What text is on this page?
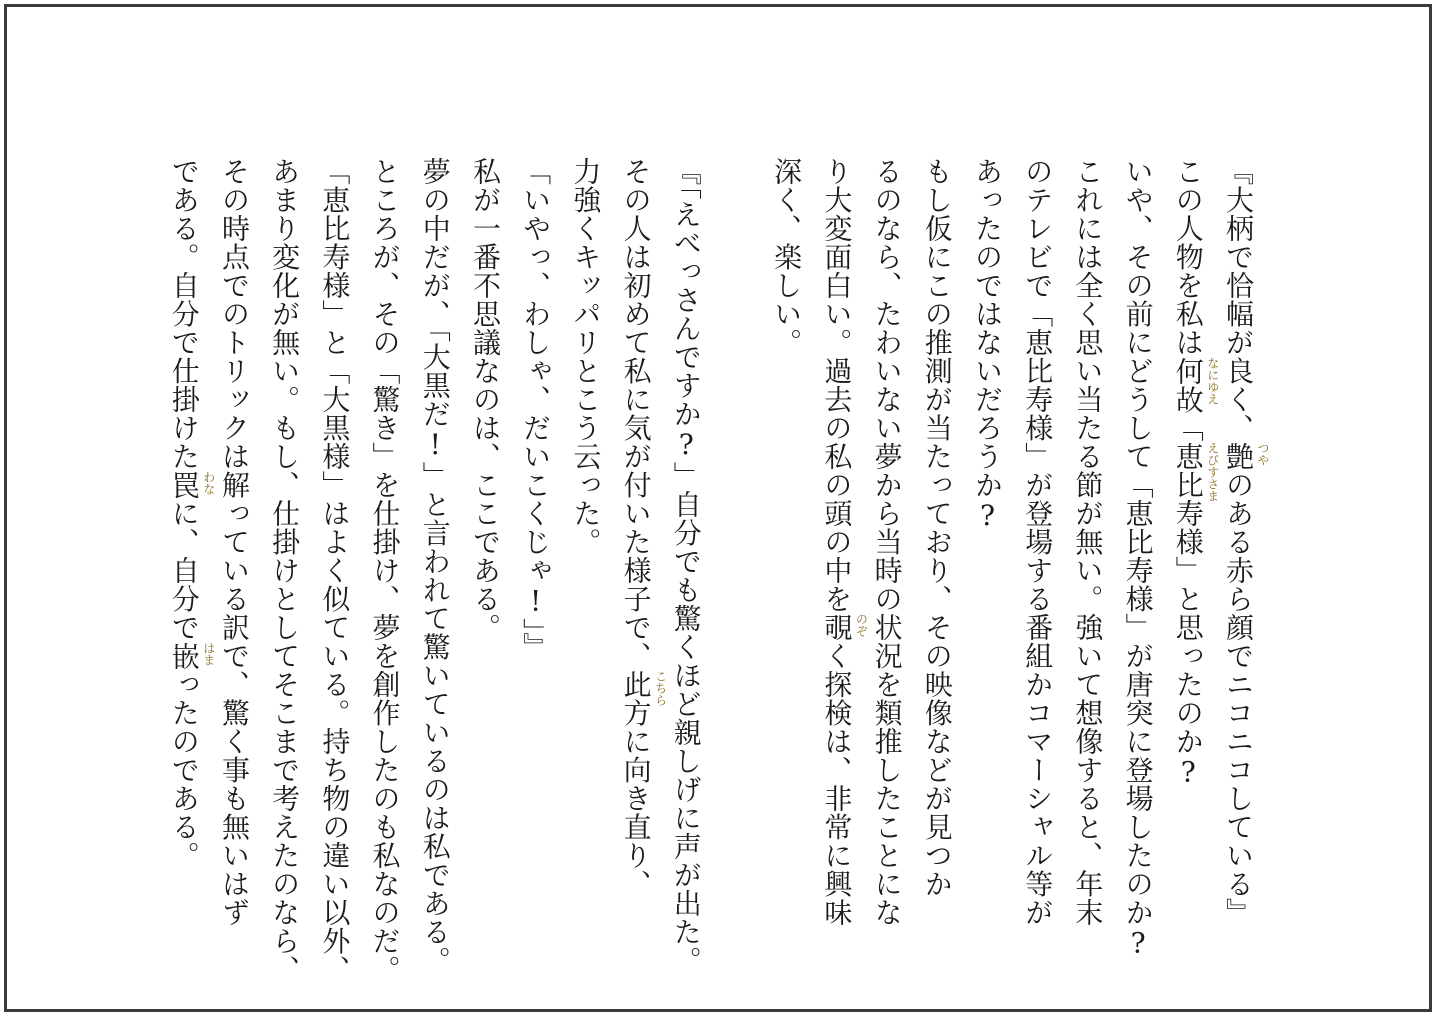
『大柄で恰幅が良く、艶 つや
のある赤ら顔でニコニコしている』
この人物を私は何故 なにゆえ
「恵比寿様 えびすさま
」と思ったのか?
いや、その前にどうして「恵比寿様」が唐突に登場したのか?
これには全く思い当たる節が無い。強いて想像すると、年末
のテレビで「恵比寿様」が登場する番組かコマーシャル等が
あったのではないだろうか?
もし仮にこの推測が当たっており、その映像などが見つか
るのなら、たわいない夢から当時の状況を類推したことにな
り大変面白い。過去の私の頭の中を覗 のぞ
く探検は、非常に興味
深く、楽しい。

『「えべっさんですか?」自分でも驚くほど親しげに声が出た。
その人は初めて私に気が付いた様子で、此方 こちら
に向き直り、
力強くキッパリとこう云った。
「いやっ、わしゃ、だいこくじゃ!」』
私が一番不思議なのは、ここである。
夢の中だが、「大黒だ!」と言われて驚いているのは私である。
ところが、その「驚き」を仕掛け、夢を創作したのも私なのだ。
「恵比寿様」と「大黒様」はよく似ている。持ち物の違い以外、
あまり変化が無い。もし、仕掛けとしてそこまで考えたのなら、
その時点でのトリックは解っている訳で、驚く事も無いはず
である。自分で仕掛けた罠 わな
に、自分で嵌 はま
ったのである。
